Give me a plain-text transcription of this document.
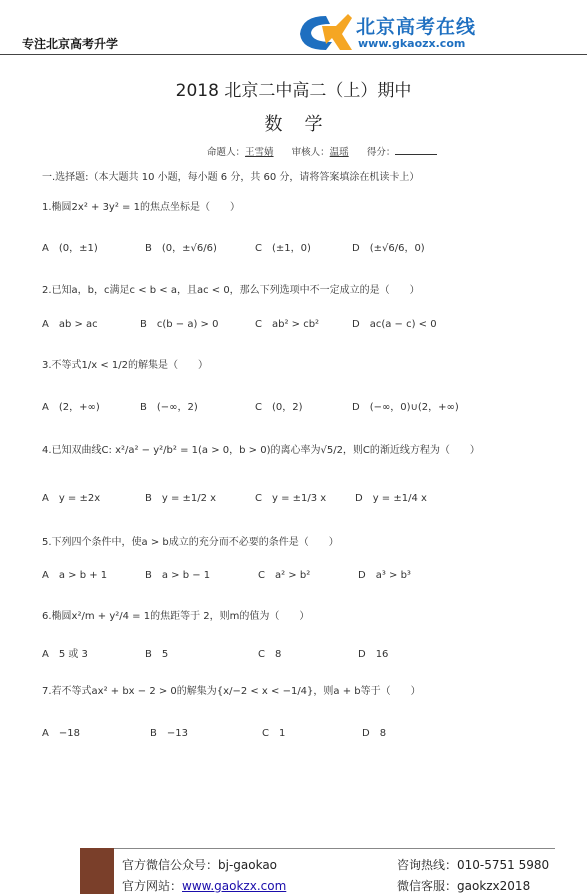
专注北京高考升学
北京高考在线
www.gkaozx.com
2018 北京二中高二（上）期中
数学
命题人：王雪婧 审核人：温瑶 得分：
一.选择题:（本大题共 10 小题，每小题 6 分，共 60 分，请将答案填涂在机读卡上）
1.椭圆2x² + 3y² = 1的焦点坐标是（　　）
A　(0，±1)	B　(0，±√6/6)	C　(±1，0)	D　(±√6/6，0)
2.已知a，b，c满足c < b < a，且ac < 0，那么下列选项中不一定成立的是（　　）
A　ab > ac	B　c(b − a) > 0	C　ab² > cb²	D　ac(a − c) < 0
3.不等式1/x < 1/2的解集是（　　）
A　(2，+∞)	B　(−∞，2)	C　(0，2)	D　(−∞，0)∪(2，+∞)
4.已知双曲线C: x²/a² − y²/b² = 1(a > 0，b > 0)的离心率为√5/2，则C的渐近线方程为（　　）
A　y = ±2x	B　y = ±1/2 x	C　y = ±1/3 x	D　y = ±1/4 x
5.下列四个条件中，使a > b成立的充分而不必要的条件是（　　）
A　a > b + 1	B　a > b − 1	C　a² > b²	D　a³ > b³
6.椭圆x²/m + y²/4 = 1的焦距等于 2，则m的值为（　　）
A　5 或 3	B　5	C　8	D　16
7.若不等式ax² + bx − 2 > 0的解集为{x/−2 < x < −1/4}，则a + b等于（　　）
A　−18	B　−13	C　1	D　8
官方微信公众号：bj-gaokao
官方网站：www.gaokzx.com
咨询热线：010-5751 5980
微信客服：gaokzx2018
